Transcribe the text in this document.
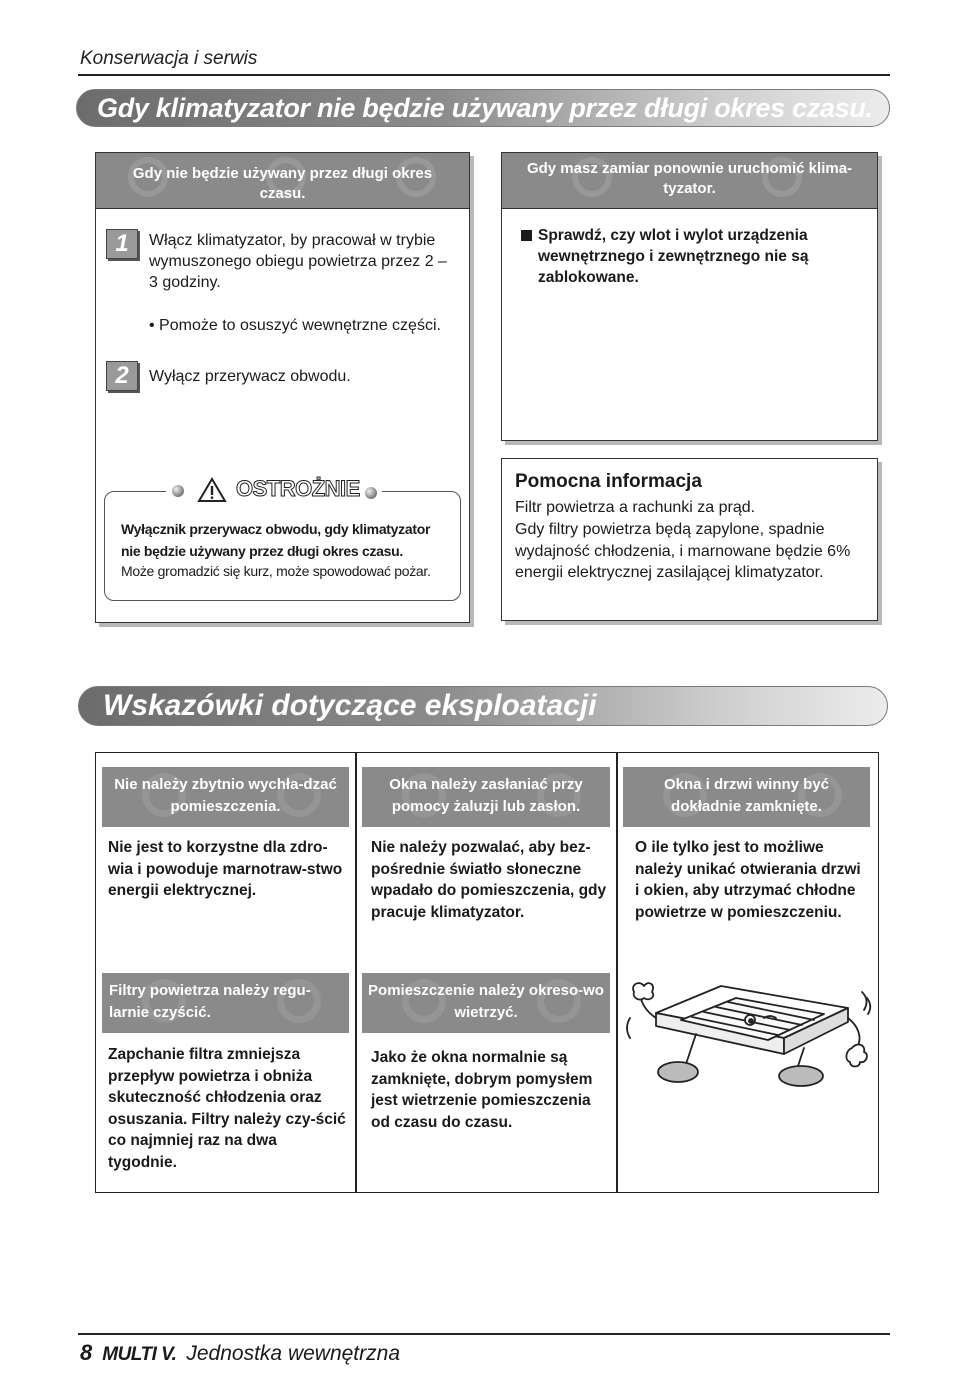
Konserwacja i serwis
Gdy klimatyzator nie będzie używany przez długi okres czasu.
Gdy nie będzie używany przez długi okres czasu.
1	Włącz klimatyzator, by pracował w trybie wymuszonego obiegu powietrza przez 2 – 3 godziny.
• Pomoże to osuszyć wewnętrzne części.
2	Wyłącz przerywacz obwodu.
Wyłącznik przerywacz obwodu, gdy klimatyzator nie będzie używany przez długi okres czasu.
Może gromadzić się kurz, może spowodować pożar.
OSTROŻNIE
Gdy masz zamiar ponownie uruchomić klima-tyzator.
Sprawdź, czy wlot i wylot urządzenia wewnętrznego i zewnętrznego nie są zablokowane.
Pomocna informacja
Filtr powietrza a rachunki za prąd.
Gdy filtry powietrza będą zapylone, spadnie wydajność chłodzenia, i marnowane będzie 6% energii elektrycznej zasilającej klimatyzator.
Wskazówki dotyczące eksploatacji
Nie należy zbytnio wychła-dzać pomieszczenia.
Nie jest to korzystne dla zdro-wia i powoduje marnotraw-stwo energii elektrycznej.
Filtry powietrza należy regu-larnie czyścić.
Zapchanie filtra zmniejsza przepływ powietrza i obniża skuteczność chłodzenia oraz osuszania. Filtry należy czy-ścić co najmniej raz na dwa tygodnie.
Okna należy zasłaniać przy pomocy żaluzji lub zasłon.
Nie należy pozwalać, aby bez-pośrednie światło słoneczne wpadało do pomieszczenia, gdy pracuje klimatyzator.
Pomieszczenie należy okreso-wo wietrzyć.
Jako że okna normalnie są zamknięte, dobrym pomysłem jest wietrzenie pomieszczenia od czasu do czasu.
Okna i drzwi winny być dokładnie zamknięte.
O ile tylko jest to możliwe należy unikać otwierania drzwi i okien, aby utrzymać chłodne powietrze w pomieszczeniu.
8 MULTI V. Jednostka wewnętrzna
